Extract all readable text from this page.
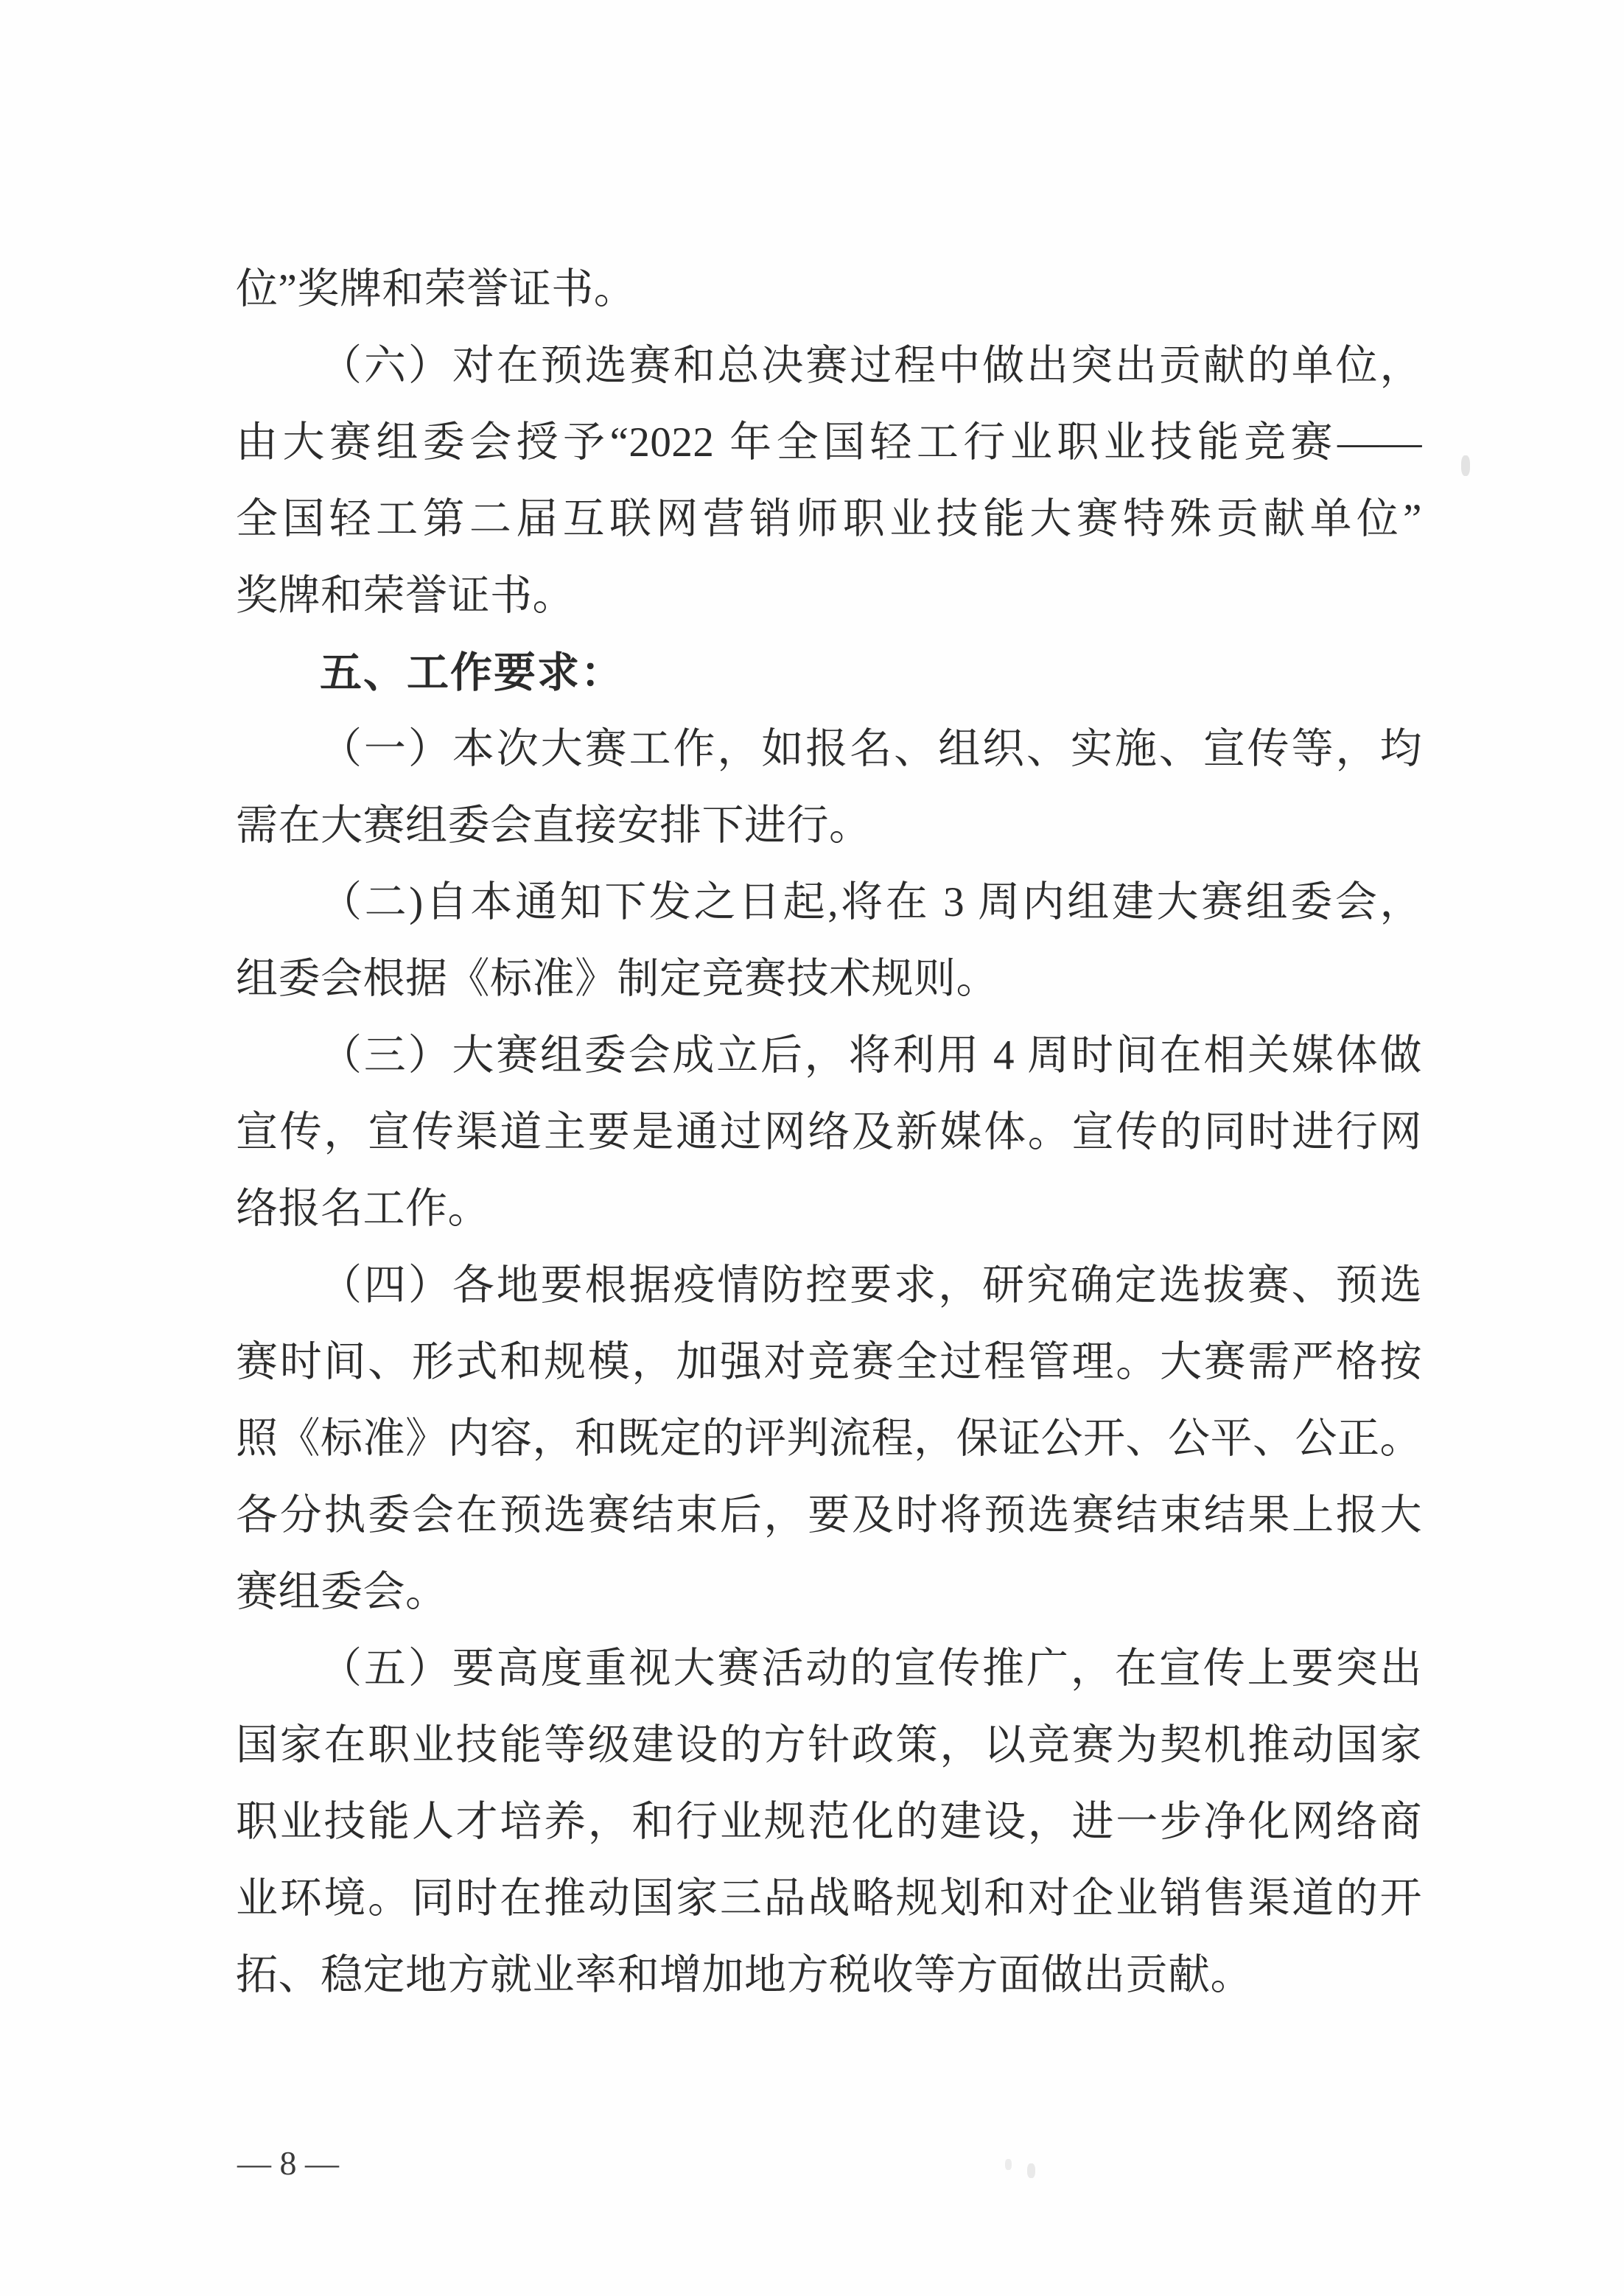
位”奖牌和荣誉证书。
（六）对在预选赛和总决赛过程中做出突出贡献的单位，
由大赛组委会授予“2022 年全国轻工行业职业技能竞赛——
全国轻工第二届互联网营销师职业技能大赛特殊贡献单位”
奖牌和荣誉证书。
五、工作要求：
（一）本次大赛工作，如报名、组织、实施、宣传等，均
需在大赛组委会直接安排下进行。
（二)自本通知下发之日起,将在 3 周内组建大赛组委会，
组委会根据《标准》制定竞赛技术规则。
（三）大赛组委会成立后，将利用 4 周时间在相关媒体做
宣传，宣传渠道主要是通过网络及新媒体。宣传的同时进行网
络报名工作。
（四）各地要根据疫情防控要求，研究确定选拔赛、预选
赛时间、形式和规模，加强对竞赛全过程管理。大赛需严格按
照《标准》内容，和既定的评判流程，保证公开、公平、公正。
各分执委会在预选赛结束后，要及时将预选赛结束结果上报大
赛组委会。
（五）要高度重视大赛活动的宣传推广，在宣传上要突出
国家在职业技能等级建设的方针政策，以竞赛为契机推动国家
职业技能人才培养，和行业规范化的建设，进一步净化网络商
业环境。同时在推动国家三品战略规划和对企业销售渠道的开
拓、稳定地方就业率和增加地方税收等方面做出贡献。
— 8 —
